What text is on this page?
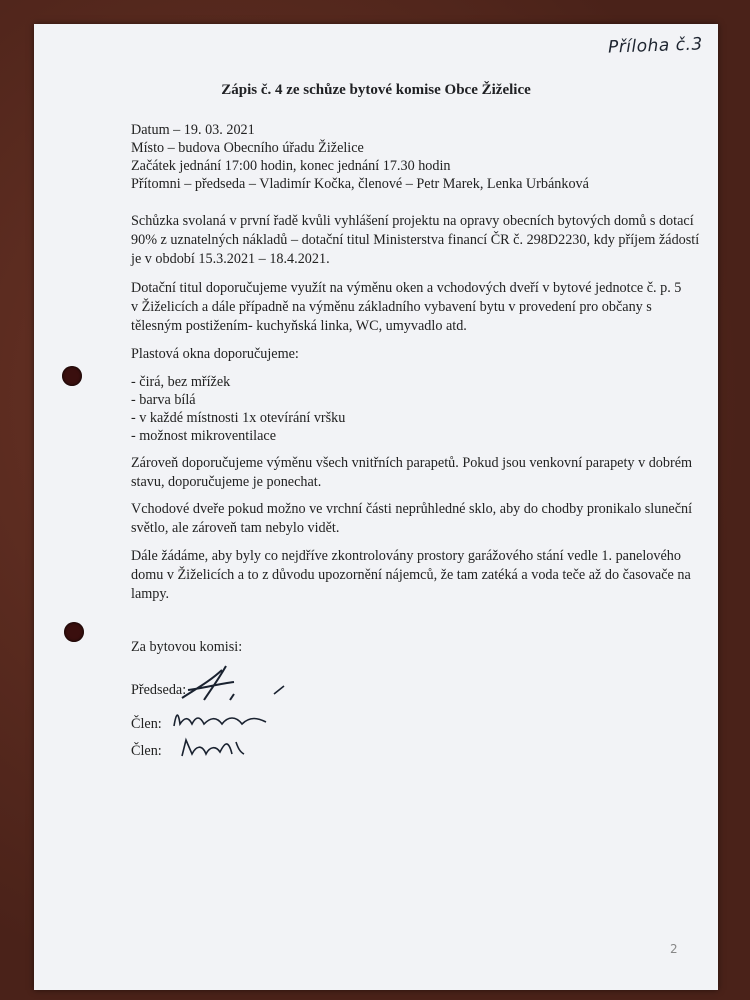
Příloha č.3
Zápis č. 4 ze schůze bytové komise Obce Žiželice
Datum – 19. 03. 2021
Místo – budova Obecního úřadu Žiželice
Začátek jednání 17:00 hodin, konec jednání 17.30 hodin
Přítomni – předseda – Vladimír Kočka, členové – Petr Marek, Lenka Urbánková
Schůzka svolaná v první řadě kvůli vyhlášení projektu na opravy obecních bytových domů s dotací
90% z uznatelných nákladů – dotační titul Ministerstva financí ČR č. 298D2230, kdy příjem žádostí
je v období 15.3.2021 – 18.4.2021.
Dotační titul doporučujeme využít na výměnu oken a vchodových dveří v bytové jednotce č. p. 5
v Žiželicích a dále případně na výměnu základního vybavení bytu v provedení pro občany s
tělesným postižením- kuchyňská linka, WC, umyvadlo atd.
Plastová okna doporučujeme:
- čirá, bez mřížek
- barva bílá
- v každé místnosti 1x otevírání vršku
- možnost mikroventilace
Zároveň doporučujeme výměnu všech vnitřních parapetů. Pokud jsou venkovní parapety v dobrém
stavu, doporučujeme je ponechat.
Vchodové dveře pokud možno ve vrchní části neprůhledné sklo, aby do chodby pronikalo sluneční
světlo, ale zároveň tam nebylo vidět.
Dále žádáme, aby byly co nejdříve zkontrolovány prostory garážového stání vedle 1. panelového
domu v Žiželicích a to z důvodu upozornění nájemců, že tam zatéká a voda teče až do časovače na
lampy.
Za bytovou komisi:
Předseda:
Člen:
Člen:
2
